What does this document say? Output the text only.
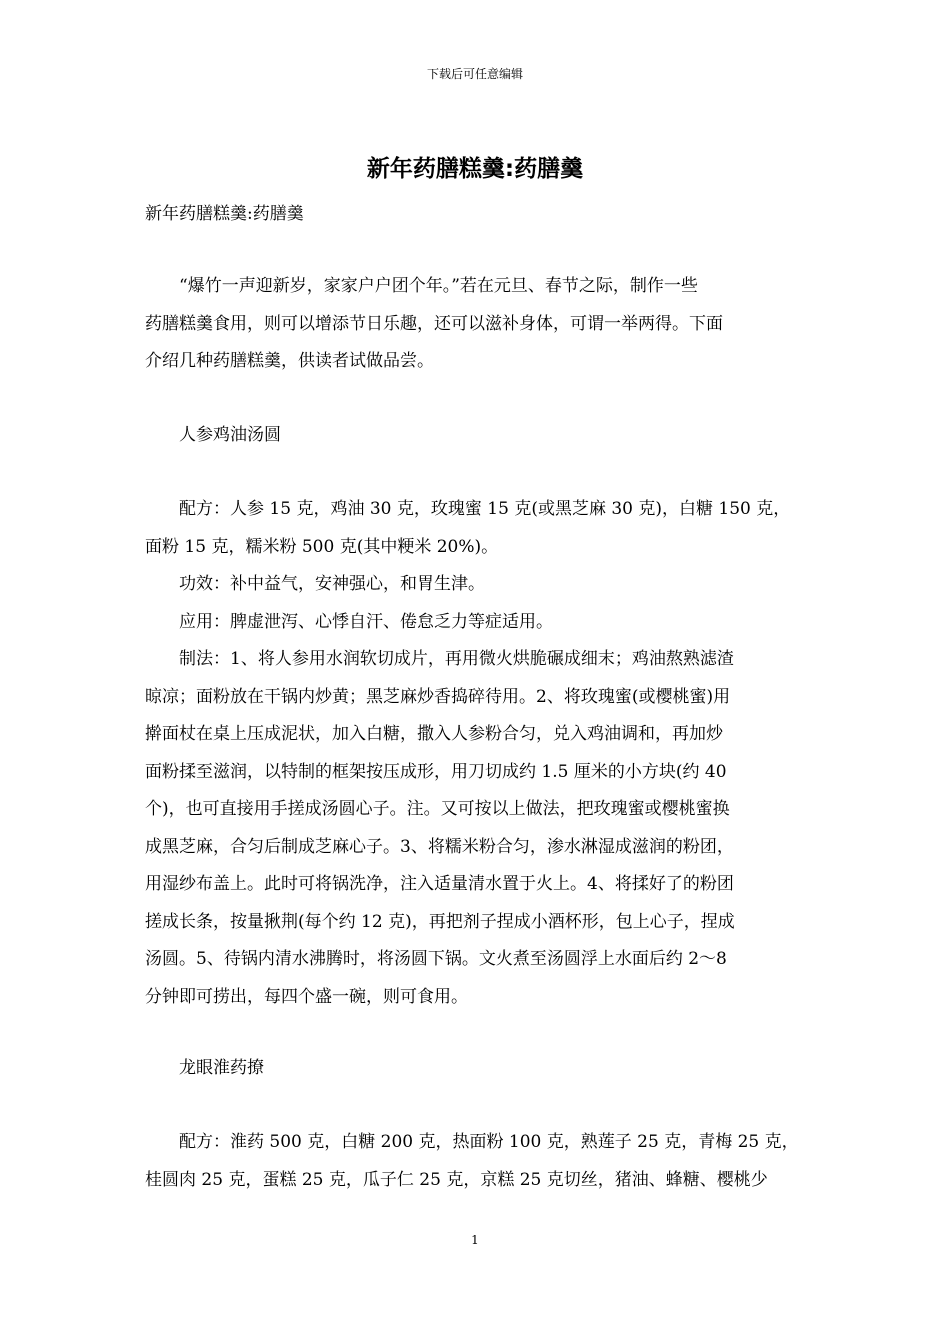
下载后可任意编辑
新年药膳糕羹:药膳羹
新年药膳糕羹:药膳羹
　　“爆竹一声迎新岁，家家户户团个年。”若在元旦、春节之际，制作一些
药膳糕羹食用，则可以增添节日乐趣，还可以滋补身体，可谓一举两得。下面
介绍几种药膳糕羹，供读者试做品尝。
　　人参鸡油汤圆
　　配方：人参 15 克，鸡油 30 克，玫瑰蜜 15 克(或黑芝麻 30 克)，白糖 150 克，
面粉 15 克，糯米粉 500 克(其中粳米 20%)。
　　功效：补中益气，安神强心，和胃生津。
　　应用：脾虚泄泻、心悸自汗、倦怠乏力等症适用。
　　制法：1、将人参用水润软切成片，再用微火烘脆碾成细末；鸡油熬熟滤渣
晾凉；面粉放在干锅内炒黄；黑芝麻炒香捣碎待用。2、将玫瑰蜜(或樱桃蜜)用
擀面杖在桌上压成泥状，加入白糖，撒入人参粉合匀，兑入鸡油调和，再加炒
面粉揉至滋润，以特制的框架按压成形，用刀切成约 1.5 厘米的小方块(约 40
个)，也可直接用手搓成汤圆心子。注。又可按以上做法，把玫瑰蜜或樱桃蜜换
成黑芝麻，合匀后制成芝麻心子。3、将糯米粉合匀，渗水淋湿成滋润的粉团，
用湿纱布盖上。此时可将锅洗净，注入适量清水置于火上。4、将揉好了的粉团
搓成长条，按量揪荆(每个约 12 克)，再把剂子捏成小酒杯形，包上心子，捏成
汤圆。5、待锅内清水沸腾时，将汤圆下锅。文火煮至汤圆浮上水面后约 2～8
分钟即可捞出，每四个盛一碗，则可食用。
　　龙眼淮药撩
　　配方：淮药 500 克，白糖 200 克，热面粉 100 克，熟莲子 25 克，青梅 25 克，
桂圆肉 25 克，蛋糕 25 克，瓜子仁 25 克，京糕 25 克切丝，猪油、蜂糖、樱桃少
1
